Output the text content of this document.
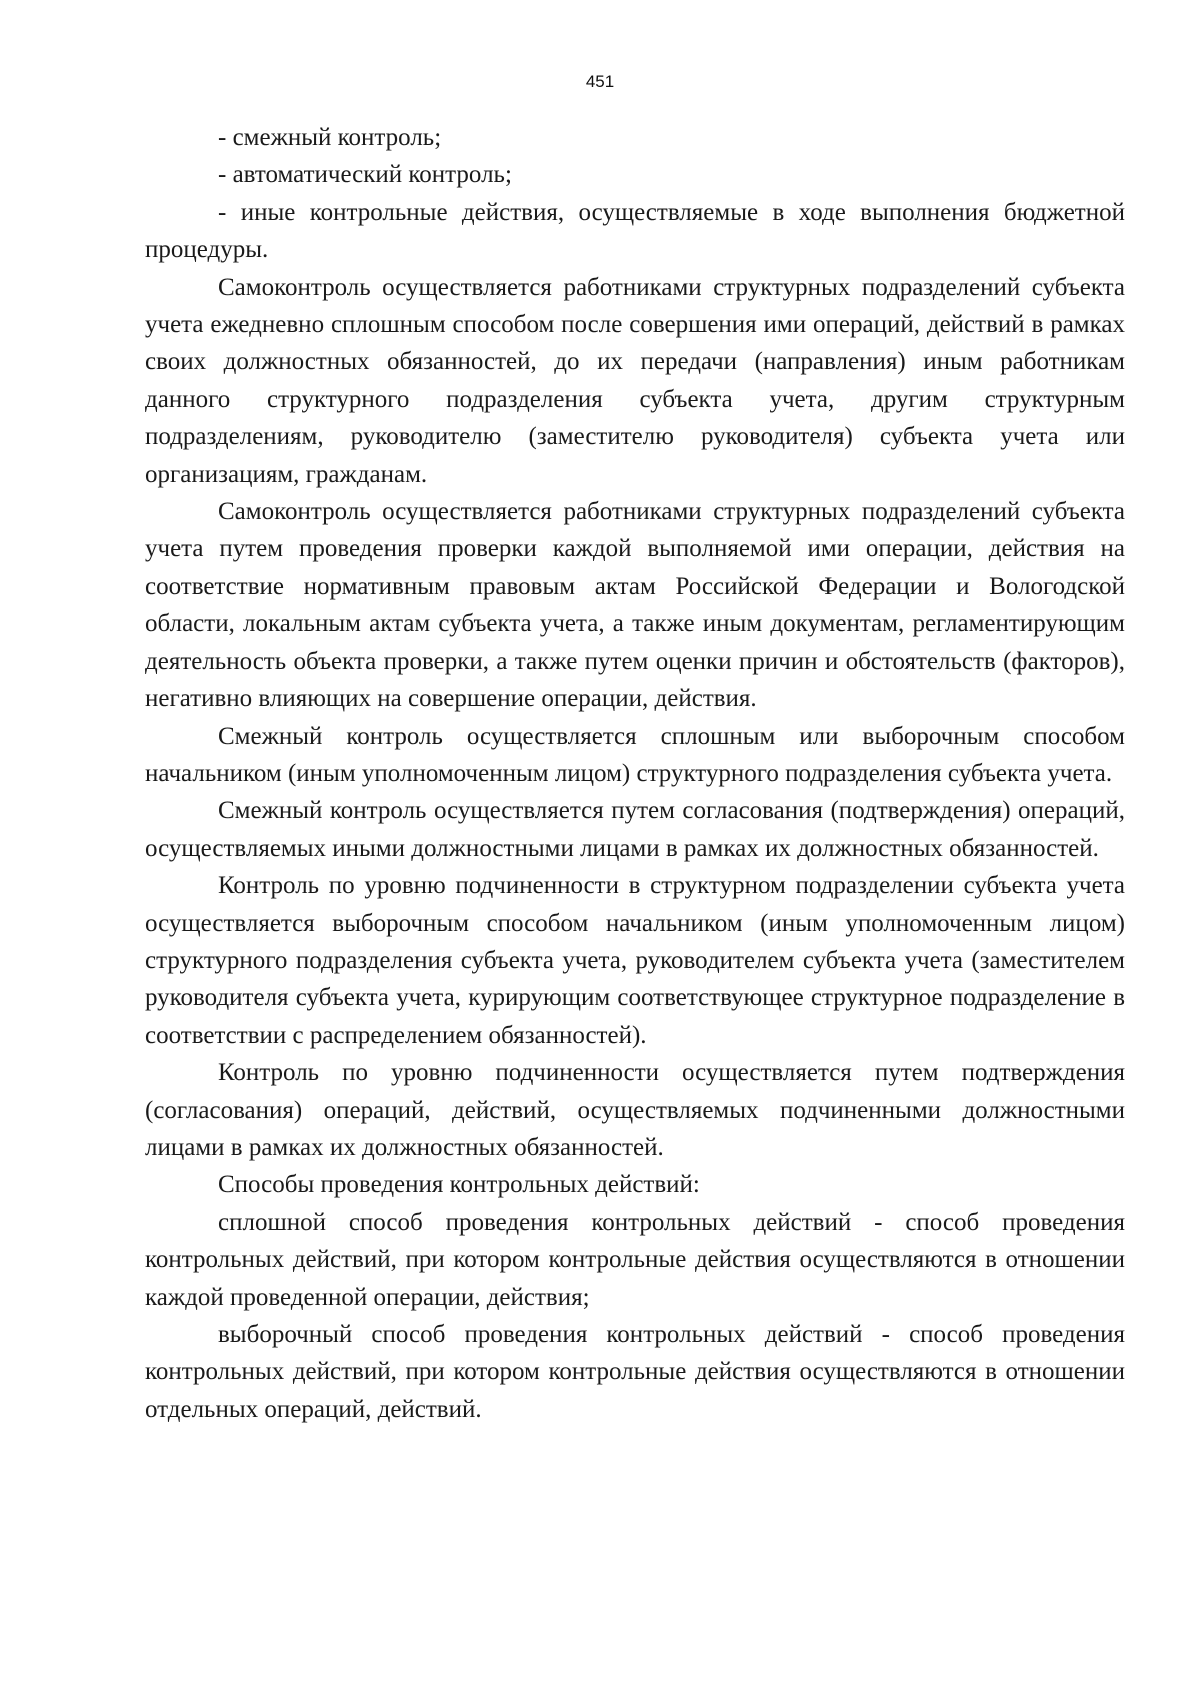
451

- смежный контроль;

- автоматический контроль;

- иные контрольные действия, осуществляемые в ходе выполнения бюджетной процедуры.

Самоконтроль осуществляется работниками структурных подразделений субъекта учета ежедневно сплошным способом после совершения ими операций, действий в рамках своих должностных обязанностей, до их передачи (направления) иным работникам данного структурного подразделения субъекта учета, другим структурным подразделениям, руководителю (заместителю руководителя) субъекта учета или организациям, гражданам.

Самоконтроль осуществляется работниками структурных подразделений субъекта учета путем проведения проверки каждой выполняемой ими операции, действия на соответствие нормативным правовым актам Российской Федерации и Вологодской области, локальным актам субъекта учета, а также иным документам, регламентирующим деятельность объекта проверки, а также путем оценки причин и обстоятельств (факторов), негативно влияющих на совершение операции, действия.

Смежный контроль осуществляется сплошным или выборочным способом начальником (иным уполномоченным лицом) структурного подразделения субъекта учета.

Смежный контроль осуществляется путем согласования (подтверждения) операций, осуществляемых иными должностными лицами в рамках их должностных обязанностей.

Контроль по уровню подчиненности в структурном подразделении субъекта учета осуществляется выборочным способом начальником (иным уполномоченным лицом) структурного подразделения субъекта учета, руководителем субъекта учета (заместителем руководителя субъекта учета, курирующим соответствующее структурное подразделение в соответствии с распределением обязанностей).

Контроль по уровню подчиненности осуществляется путем подтверждения (согласования) операций, действий, осуществляемых подчиненными должностными лицами в рамках их должностных обязанностей.

Способы проведения контрольных действий:

сплошной способ проведения контрольных действий - способ проведения контрольных действий, при котором контрольные действия осуществляются в отношении каждой проведенной операции, действия;

выборочный способ проведения контрольных действий - способ проведения контрольных действий, при котором контрольные действия осуществляются в отношении отдельных операций, действий.
